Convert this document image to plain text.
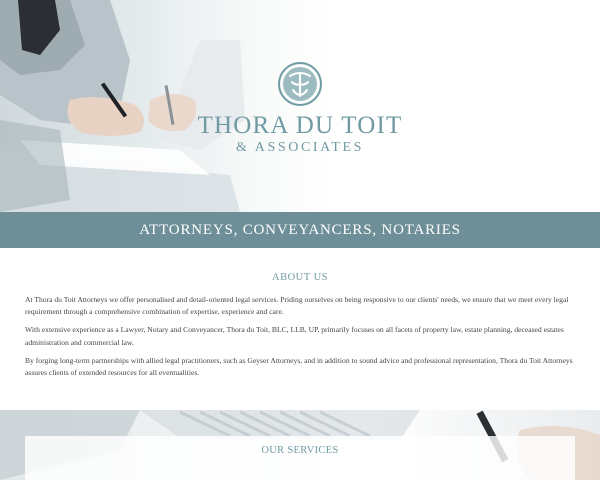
THORA DU TOIT
& ASSOCIATES
ATTORNEYS, CONVEYANCERS, NOTARIES
ABOUT US

At Thora du Toit Attorneys we offer personalised and detail-oriented legal services. Priding ourselves on being responsive to our clients' needs, we ensure that we meet every legal requirement through a comprehensive combination of expertise, experience and care.

With extensive experience as a Lawyer, Notary and Conveyancer, Thora du Toit, BLC, LLB, UP, primarily focuses on all facets of property law, estate planning, deceased estates administration and commercial law.

By forging long-term partnerships with allied legal practitioners, such as Geyser Attorneys, and in addition to sound advice and professional representation, Thora du Toit Attorneys assures clients of extended resources for all eventualities.

OUR SERVICES
